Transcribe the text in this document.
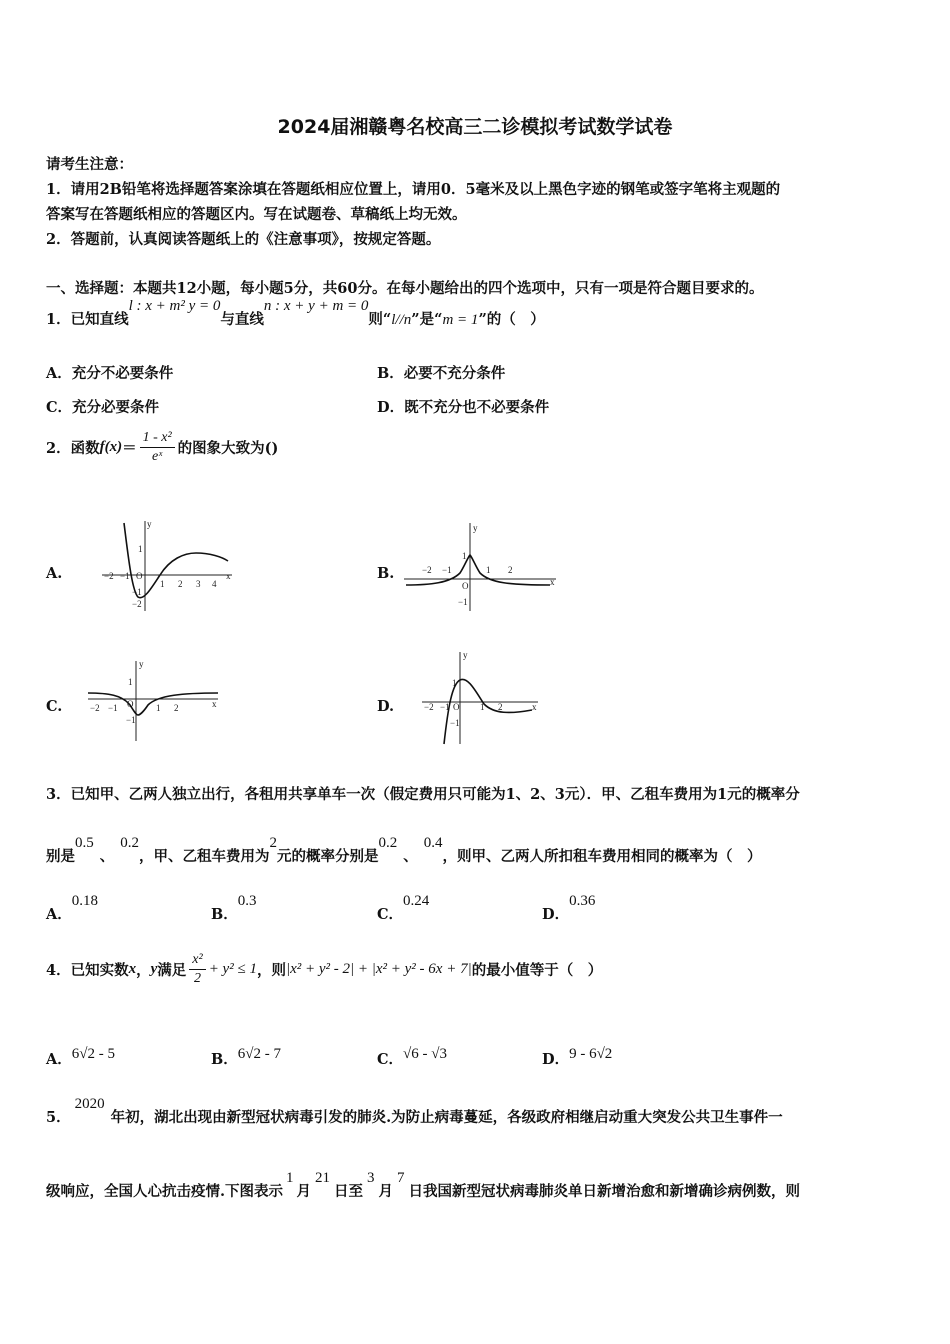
2024届湘赣粤名校高三二诊模拟考试数学试卷
请考生注意：
1．请用2B铅笔将选择题答案涂填在答题纸相应位置上，请用0．5毫米及以上黑色字迹的钢笔或签字笔将主观题的
答案写在答题纸相应的答题区内。写在试题卷、草稿纸上均无效。
2．答题前，认真阅读答题纸上的《注意事项》，按规定答题。
一、选择题：本题共12小题，每小题5分，共60分。在每小题给出的四个选项中，只有一项是符合题目要求的。
1．已知直线l : x + m² y = 0与直线n : x + y + m = 0则“l//n”是“m = 1”的（　）
A．充分不必要条件	B．必要不充分条件
C．充分必要条件	D．既不充分也不必要条件
2．函数$f(x)= \frac{\text{1 - x²}}{\text{eˣ}}$ 的图象大致为()
A.	B.
C.	D.
y
x
−2 −1 O
1 2 3 4
1
−2
−1
y
x
−2 −1
O
1 2
1
−1
y
x
−2 −1 O	1 2
1
−1
y
x
−2 −1 O 1 2
1
−1
3．已知甲、乙两人独立出行，各租用共享单车一次（假定费用只可能为1、2、3元）．甲、乙租车费用为1元的概率分
别是0.5、0.2，甲、乙租车费用为2元的概率分别是0.2、0.4，则甲、乙两人所扣租车费用相同的概率为（　）
A．0.18
B．0.3
C．0.24
D．0.36
4．已知实数x，y满足 $\frac{\text{x²}}{2} + y^2 \le 1$，则|x² + y² - 2| + |x² + y² - 6x + 7|的最小值等于（　）
A．6√2 - 5	B．6√2 - 7	C．√6 - √3	D．9 - 6√2
5．2020年初，湖北出现由新型冠状病毒引发的肺炎.为防止病毒蔓延，各级政府相继启动重大突发公共卫生事件一
级响应，全国人心抗击疫情.下图表示1月21日至3月7日我国新型冠状病毒肺炎单日新增治愈和新增确诊病例数，则
